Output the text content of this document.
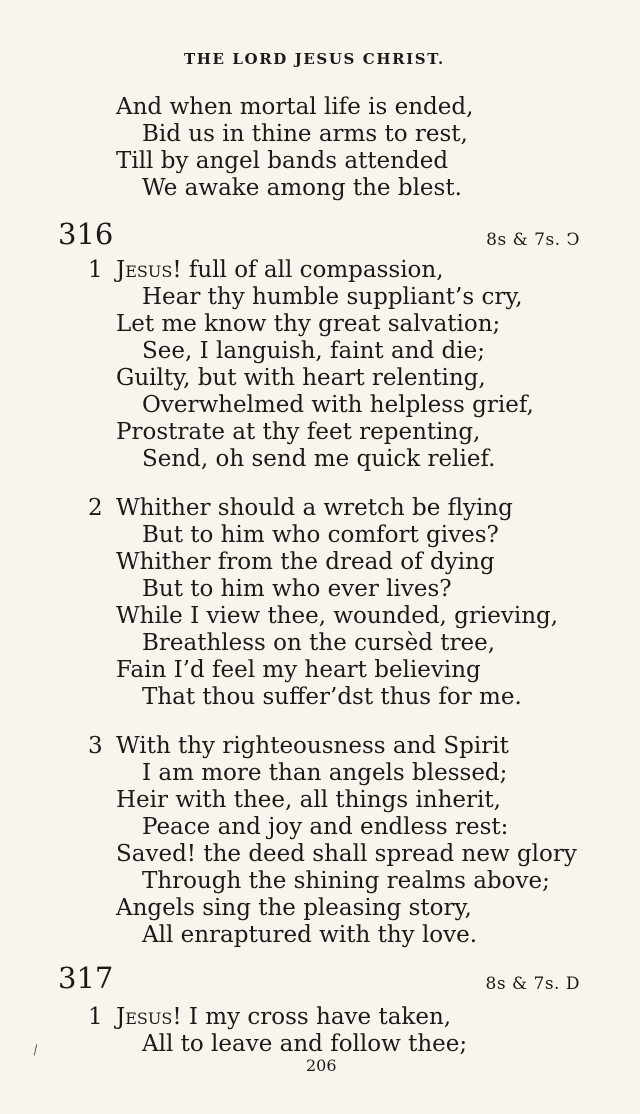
THE LORD JESUS CHRIST.
And when mortal life is ended,
Bid us in thine arms to rest,
Till by angel bands attended
We awake among the blest.
316	8s & 7s. Ↄ
1 Jesus! full of all compassion,
Hear thy humble suppliant’s cry,
Let me know thy great salvation;
See, I languish, faint and die;
Guilty, but with heart relenting,
Overwhelmed with helpless grief,
Prostrate at thy feet repenting,
Send, oh send me quick relief.
2 Whither should a wretch be flying
But to him who comfort gives?
Whither from the dread of dying
But to him who ever lives?
While I view thee, wounded, grieving,
Breathless on the cursèd tree,
Fain I’d feel my heart believing
That thou suffer’dst thus for me.
3 With thy righteousness and Spirit
I am more than angels blessed;
Heir with thee, all things inherit,
Peace and joy and endless rest:
Saved! the deed shall spread new glory
Through the shining realms above;
Angels sing the pleasing story,
All enraptured with thy love.
317	8s & 7s. D
1 Jesus! I my cross have taken,
All to leave and follow thee;
\
206
